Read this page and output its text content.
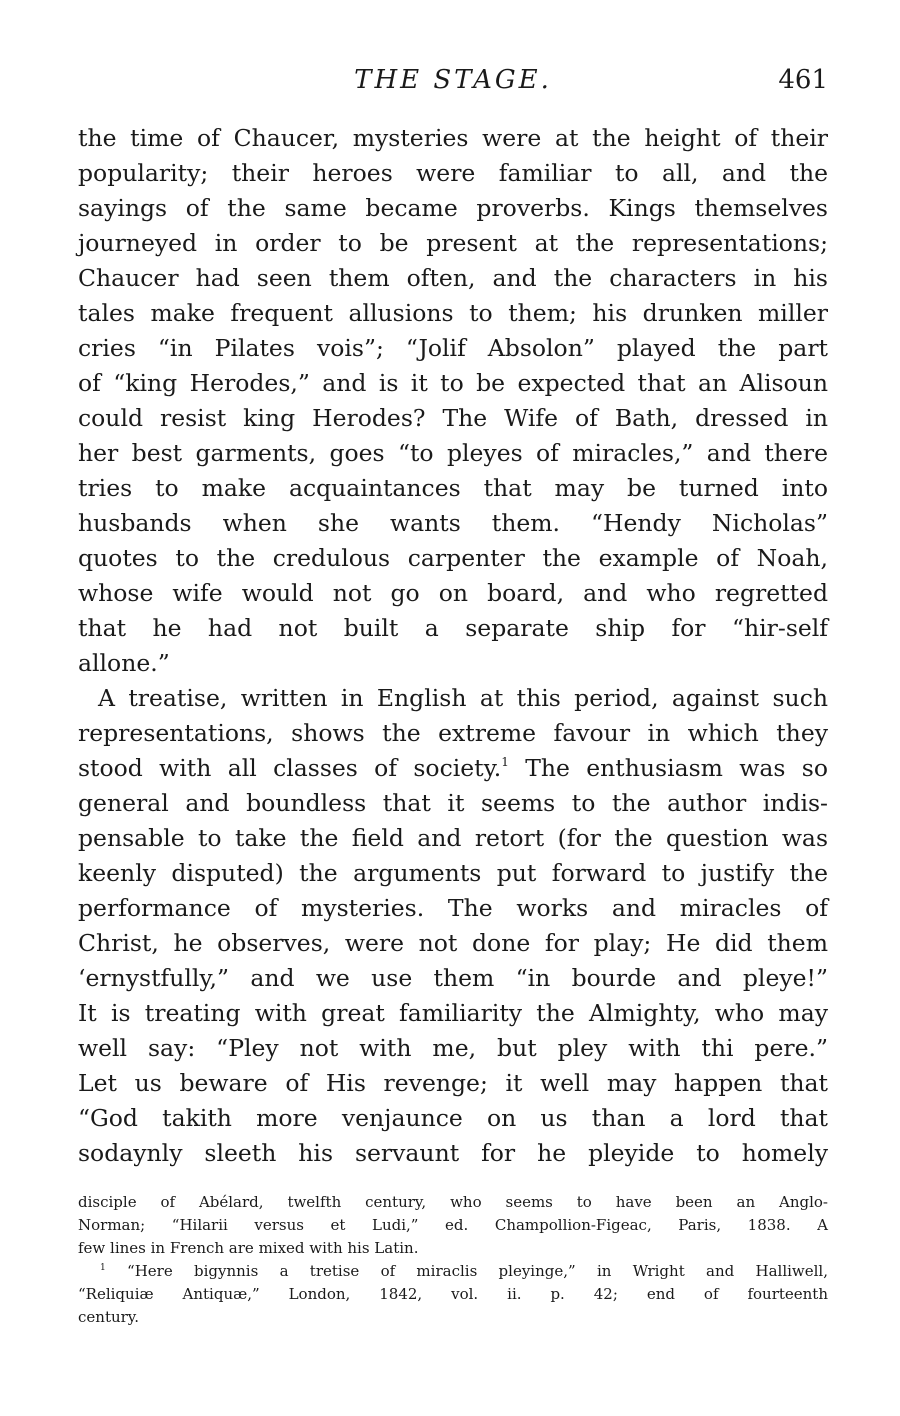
THE STAGE.	461
the time of Chaucer, mysteries were at the height of their
popularity; their heroes were familiar to all, and the
sayings of the same became proverbs. Kings themselves
journeyed in order to be present at the representations;
Chaucer had seen them often, and the characters in his
tales make frequent allusions to them; his drunken miller
cries “in Pilates vois”; “Jolif Absolon” played the part
of “king Herodes,” and is it to be expected that an Alisoun
could resist king Herodes? The Wife of Bath, dressed in
her best garments, goes “to pleyes of miracles,” and there
tries to make acquaintances that may be turned into
husbands when she wants them. “Hendy Nicholas”
quotes to the credulous carpenter the example of Noah,
whose wife would not go on board, and who regretted
that he had not built a separate ship for “hir-self
allone.”
A treatise, written in English at this period, against such
representations, shows the extreme favour in which they
stood with all classes of society.$^1$ The enthusiasm was so
general and boundless that it seems to the author indis-
pensable to take the field and retort (for the question was
keenly disputed) the arguments put forward to justify the
performance of mysteries. The works and miracles of
Christ, he observes, were not done for play; He did them
‘ernystfully,” and we use them “in bourde and pleye!”
It is treating with great familiarity the Almighty, who may
well say: “Pley not with me, but pley with thi pere.”
Let us beware of His revenge; it well may happen that
“God takith more venjaunce on us than a lord that
sodaynly sleeth his servaunt for he pleyide to homely
disciple of Abélard, twelfth century, who seems to have been an Anglo-
Norman; “Hilarii versus et Ludi,” ed. Champollion-Figeac, Paris, 1838. A
few lines in French are mixed with his Latin.
$^1$ “Here bigynnis a tretise of miraclis pleyinge,” in Wright and Halliwell,
“Reliquiæ Antiquæ,” London, 1842, vol. ii. p. 42; end of fourteenth
century.
